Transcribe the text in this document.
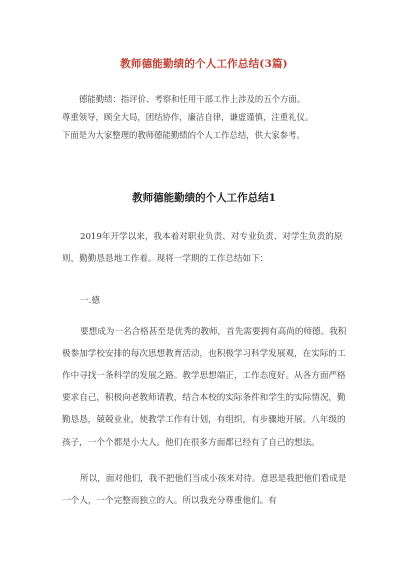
教师德能勤绩的个人工作总结(3篇)

德能勤绩：指评价、考察和任用干部工作上涉及的五个方面。

尊重领导，顾全大局，团结协作，廉洁自律，谦虚谨慎，注重礼仪。

下面是为大家整理的教师德能勤绩的个人工作总结，供大家参考。

教师德能勤绩的个人工作总结1

2019年开学以来，我本着对职业负责、对专业负责、对学生负责的原则，勤勤恳恳地工作着。现将一学期的工作总结如下：

一.德

要想成为一名合格甚至是优秀的教师，首先需要拥有高尚的师德。我积极参加学校安排的每次思想教育活动，也积极学习科学发展观，在实际的工作中寻找一条科学的发展之路。教学思想端正，工作态度好。从各方面严格要求自己，积极向老教师请教，结合本校的实际条件和学生的实际情况，勤勤恳恳，兢兢业业，使教学工作有计划，有组织，有步骤地开展。八年级的孩子，一个个都是小大人。他们在很多方面都已经有了自己的想法。

所以，面对他们，我不把他们当成小孩来对待。意思是我把他们看成是一个人，一个完整而独立的人。所以我充分尊重他们。有
